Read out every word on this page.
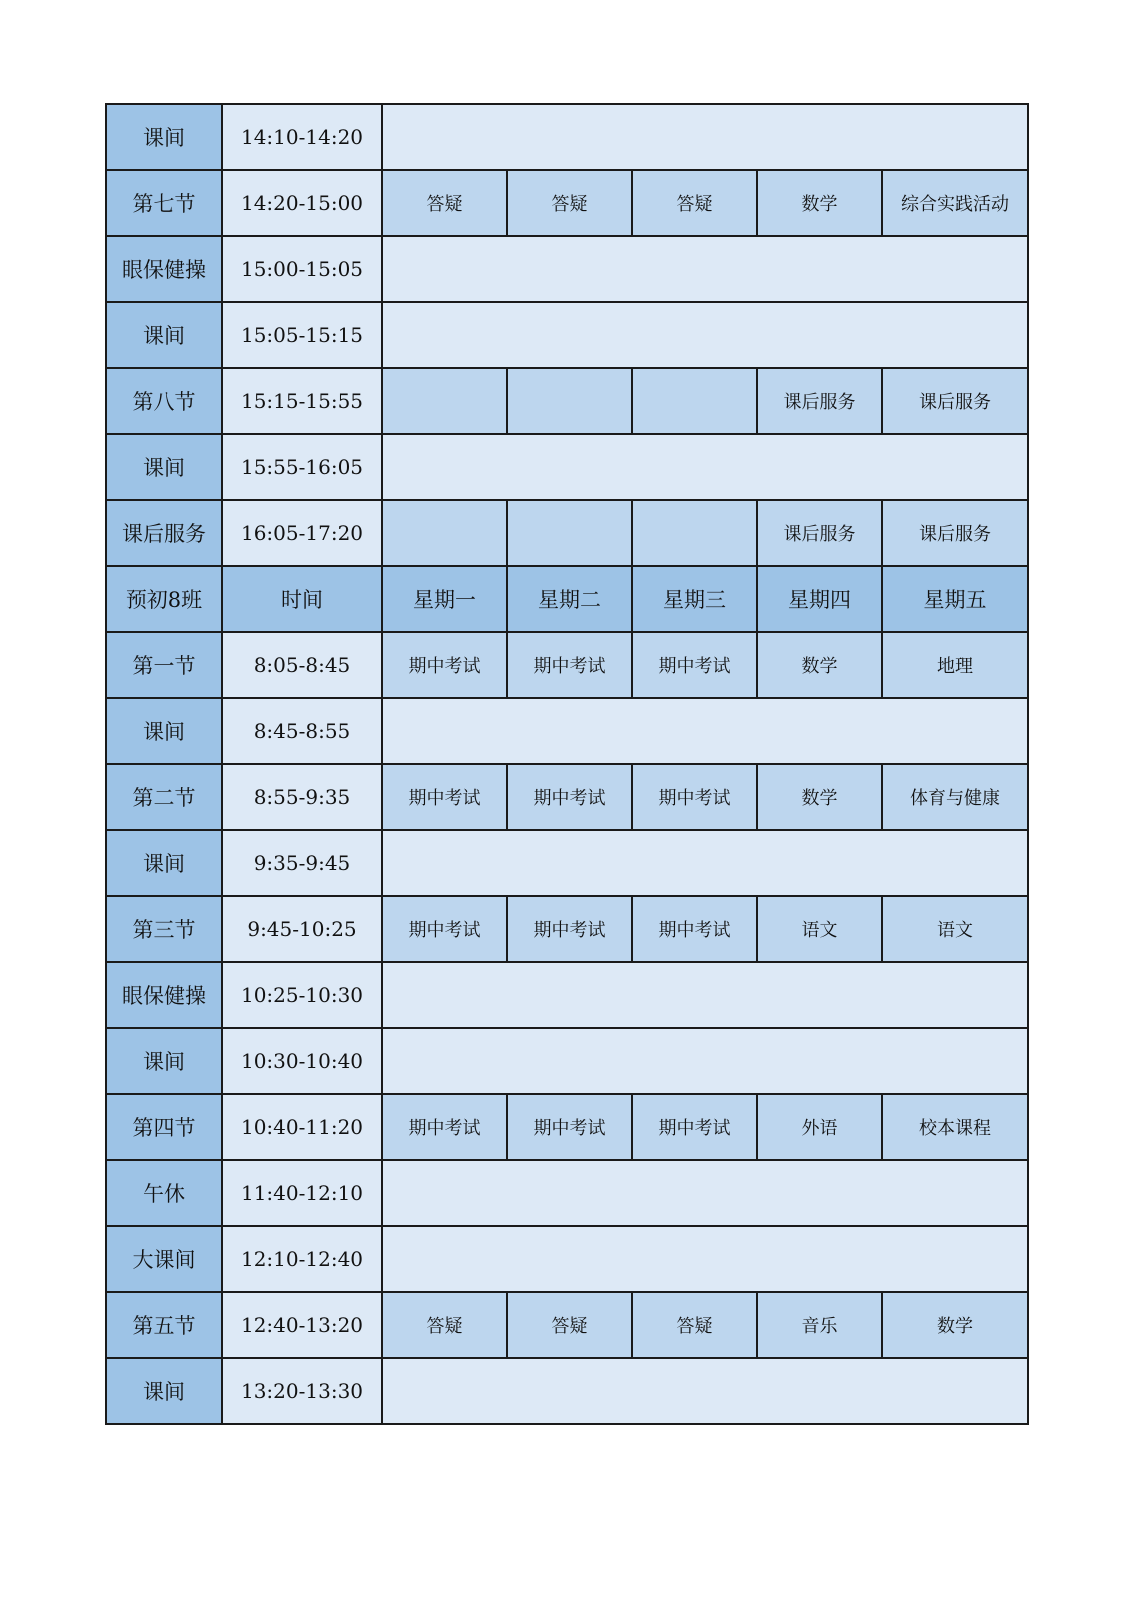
课间	14:10-14:20					
第七节	14:20-15:00	答疑	答疑	答疑	数学	综合实践活动
眼保健操	15:00-15:05					
课间	15:05-15:15					
第八节	15:15-15:55				课后服务	课后服务
课间	15:55-16:05					
课后服务	16:05-17:20				课后服务	课后服务
预初8班	时间	星期一	星期二	星期三	星期四	星期五
第一节	8:05-8:45	期中考试	期中考试	期中考试	数学	地理
课间	8:45-8:55					
第二节	8:55-9:35	期中考试	期中考试	期中考试	数学	体育与健康
课间	9:35-9:45					
第三节	9:45-10:25	期中考试	期中考试	期中考试	语文	语文
眼保健操	10:25-10:30					
课间	10:30-10:40					
第四节	10:40-11:20	期中考试	期中考试	期中考试	外语	校本课程
午休	11:40-12:10					
大课间	12:10-12:40					
第五节	12:40-13:20	答疑	答疑	答疑	音乐	数学
课间	13:20-13:30					
